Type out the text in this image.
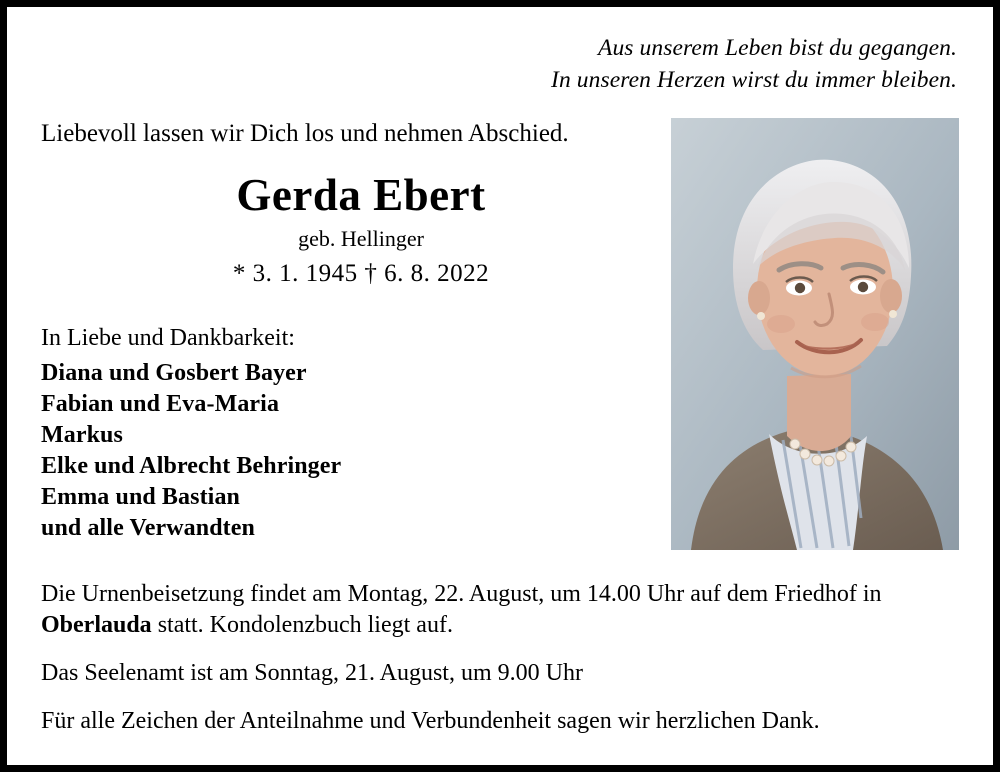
Aus unserem Leben bist du gegangen.
In unseren Herzen wirst du immer bleiben.

Liebevoll lassen wir Dich los und nehmen Abschied.

Gerda Ebert
geb. Hellinger
* 3. 1. 1945 † 6. 8. 2022

In Liebe und Dankbarkeit:

Diana und Gosbert Bayer

Fabian und Eva-Maria

Markus

Elke und Albrecht Behringer

Emma und Bastian

und alle Verwandten

Die Urnenbeisetzung findet am Montag, 22. August, um 14.00 Uhr auf dem Friedhof in Oberlauda statt. Kondolenzbuch liegt auf.

Das Seelenamt ist am Sonntag, 21. August, um 9.00 Uhr

Für alle Zeichen der Anteilnahme und Verbundenheit sagen wir herzlichen Dank.
